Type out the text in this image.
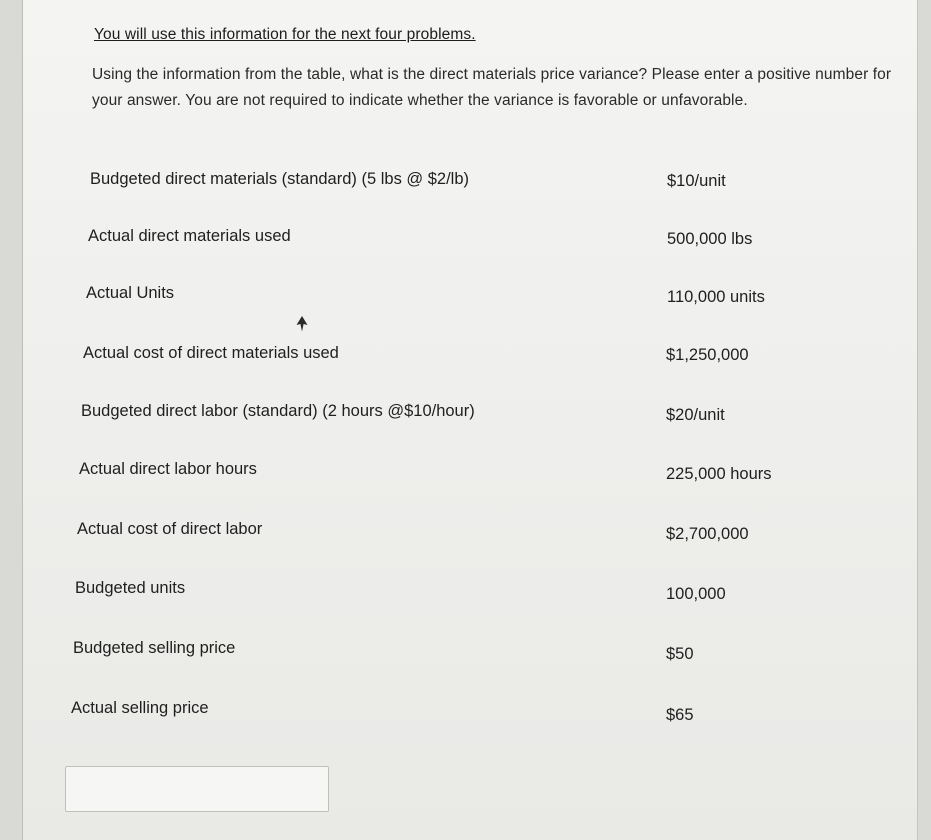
You will use this information for the next four problems.
Using the information from the table, what is the direct materials price variance? Please enter a positive number for your answer. You are not required to indicate whether the variance is favorable or unfavorable.
Budgeted direct materials (standard) (5 lbs @ $2/lb)	$10/unit
Actual direct materials used	500,000 lbs
Actual Units	110,000 units
Actual cost of direct materials used	$1,250,000
Budgeted direct labor (standard) (2 hours @$10/hour)	$20/unit
Actual direct labor hours	225,000 hours
Actual cost of direct labor	$2,700,000
Budgeted units	100,000
Budgeted selling price	$50
Actual selling price	$65
